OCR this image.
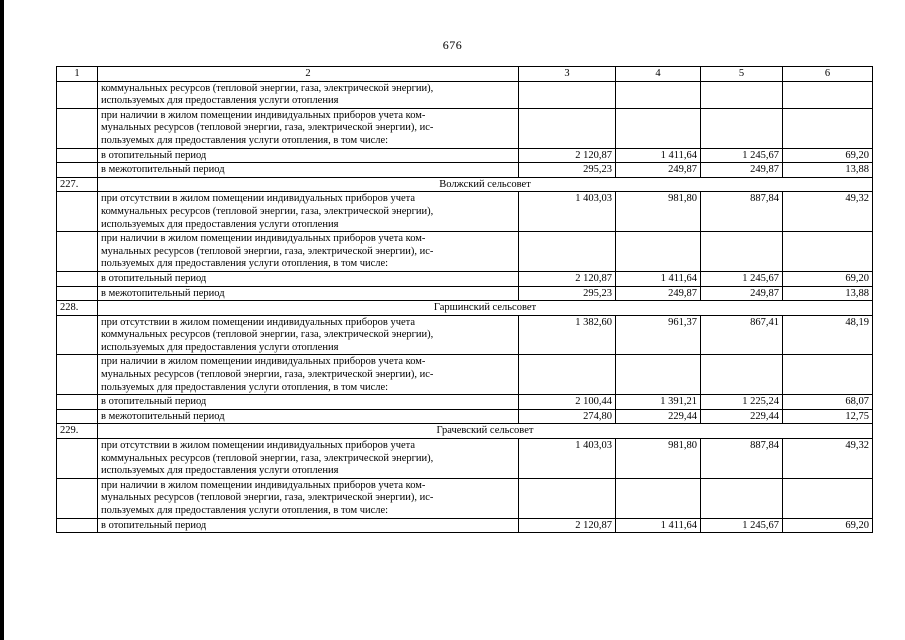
676
1	2	3	4	5	6

	коммунальных ресурсов (тепловой энергии, газа, электрической энергии),
используемых для предоставления услуги отопления				

	при наличии в жилом помещении индивидуальных приборов учета ком-
мунальных ресурсов (тепловой энергии, газа, электрической энергии), ис-
пользуемых для предоставления услуги отопления, в том числе:				

	в отопительный период	2 120,87	1 411,64	1 245,67	69,20

	в межотопительный период	295,23	249,87	249,87	13,88
227.	Волжский сельсовет				

	при отсутствии в жилом помещении индивидуальных приборов учета
коммунальных ресурсов (тепловой энергии, газа, электрической энергии),
используемых для предоставления услуги отопления	1 403,03	981,80	887,84	49,32

	при наличии в жилом помещении индивидуальных приборов учета ком-
мунальных ресурсов (тепловой энергии, газа, электрической энергии), ис-
пользуемых для предоставления услуги отопления, в том числе:				

	в отопительный период	2 120,87	1 411,64	1 245,67	69,20

	в межотопительный период	295,23	249,87	249,87	13,88
228.	Гаршинский сельсовет				

	при отсутствии в жилом помещении индивидуальных приборов учета
коммунальных ресурсов (тепловой энергии, газа, электрической энергии),
используемых для предоставления услуги отопления	1 382,60	961,37	867,41	48,19

	при наличии в жилом помещении индивидуальных приборов учета ком-
мунальных ресурсов (тепловой энергии, газа, электрической энергии), ис-
пользуемых для предоставления услуги отопления, в том числе:				

	в отопительный период	2 100,44	1 391,21	1 225,24	68,07

	в межотопительный период	274,80	229,44	229,44	12,75
229.	Грачевский сельсовет				

	при отсутствии в жилом помещении индивидуальных приборов учета
коммунальных ресурсов (тепловой энергии, газа, электрической энергии),
используемых для предоставления услуги отопления	1 403,03	981,80	887,84	49,32

	при наличии в жилом помещении индивидуальных приборов учета ком-
мунальных ресурсов (тепловой энергии, газа, электрической энергии), ис-
пользуемых для предоставления услуги отопления, в том числе:				

	в отопительный период	2 120,87	1 411,64	1 245,67	69,20
